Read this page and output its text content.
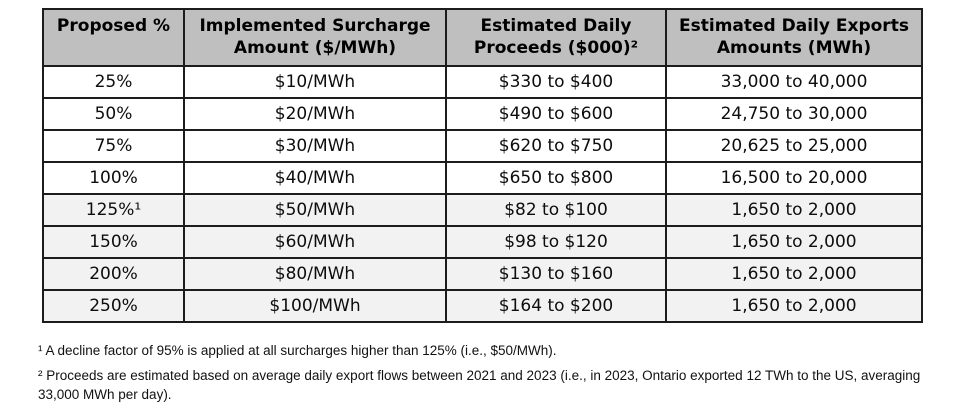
Proposed %	Implemented Surcharge Amount ($/MWh)	Estimated Daily Proceeds ($000)²	Estimated Daily Exports Amounts (MWh)
25%	$10/MWh	$330 to $400	33,000 to 40,000
50%	$20/MWh	$490 to $600	24,750 to 30,000
75%	$30/MWh	$620 to $750	20,625 to 25,000
100%	$40/MWh	$650 to $800	16,500 to 20,000
125%¹	$50/MWh	$82 to $100	1,650 to 2,000
150%	$60/MWh	$98 to $120	1,650 to 2,000
200%	$80/MWh	$130 to $160	1,650 to 2,000
250%	$100/MWh	$164 to $200	1,650 to 2,000

¹ A decline factor of 95% is applied at all surcharges higher than 125% (i.e., $50/MWh).

² Proceeds are estimated based on average daily export flows between 2021 and 2023 (i.e., in 2023, Ontario exported 12 TWh to the US, averaging 33,000 MWh per day).
